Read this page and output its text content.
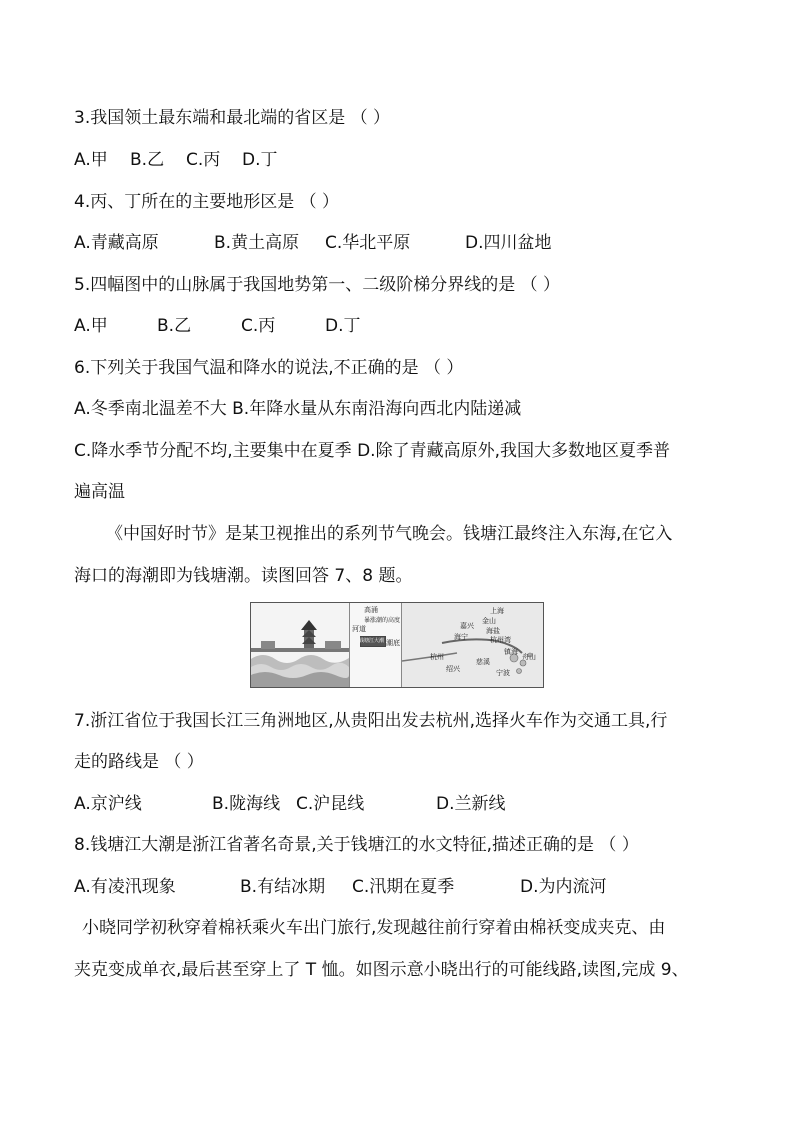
3.我国领土最东端和最北端的省区是 （ ）
A.甲 B.乙 C.丙 D.丁
4.丙、丁所在的主要地形区是 （ ）
A.青藏高原	B.黄土高原 C.华北平原	D.四川盆地
5.四幅图中的山脉属于我国地势第一、二级阶梯分界线的是 （ ）
A.甲	B.乙	C.丙	D.丁
6.下列关于我国气温和降水的说法,不正确的是 （ ）
A.冬季南北温差不大 B.年降水量从东南沿海向西北内陆递减
C.降水季节分配不均,主要集中在夏季 D.除了青藏高原外,我国大多数地区夏季普
遍高温
《中国好时节》是某卫视推出的系列节气晚会。钱塘江最终注入东海,在它入
海口的海潮即为钱塘潮。读图回答 7、8 题。
高涌
河道
暴涨潮的高度
潮底
钱塘江大潮
上海
金山
嘉兴
海盐
海宁	杭州湾
杭州
慈溪
镇海
绍兴	宁波
舟山
7.浙江省位于我国长江三角洲地区,从贵阳出发去杭州,选择火车作为交通工具,行
走的路线是 （ ）
A.京沪线	B.陇海线 C.沪昆线	D.兰新线
8.钱塘江大潮是浙江省著名奇景,关于钱塘江的水文特征,描述正确的是 （ ）
A.有凌汛现象	B.有结冰期 C.汛期在夏季	D.为内流河
小晓同学初秋穿着棉袄乘火车出门旅行,发现越往前行穿着由棉袄变成夹克、由
夹克变成单衣,最后甚至穿上了 T 恤。如图示意小晓出行的可能线路,读图,完成 9、
